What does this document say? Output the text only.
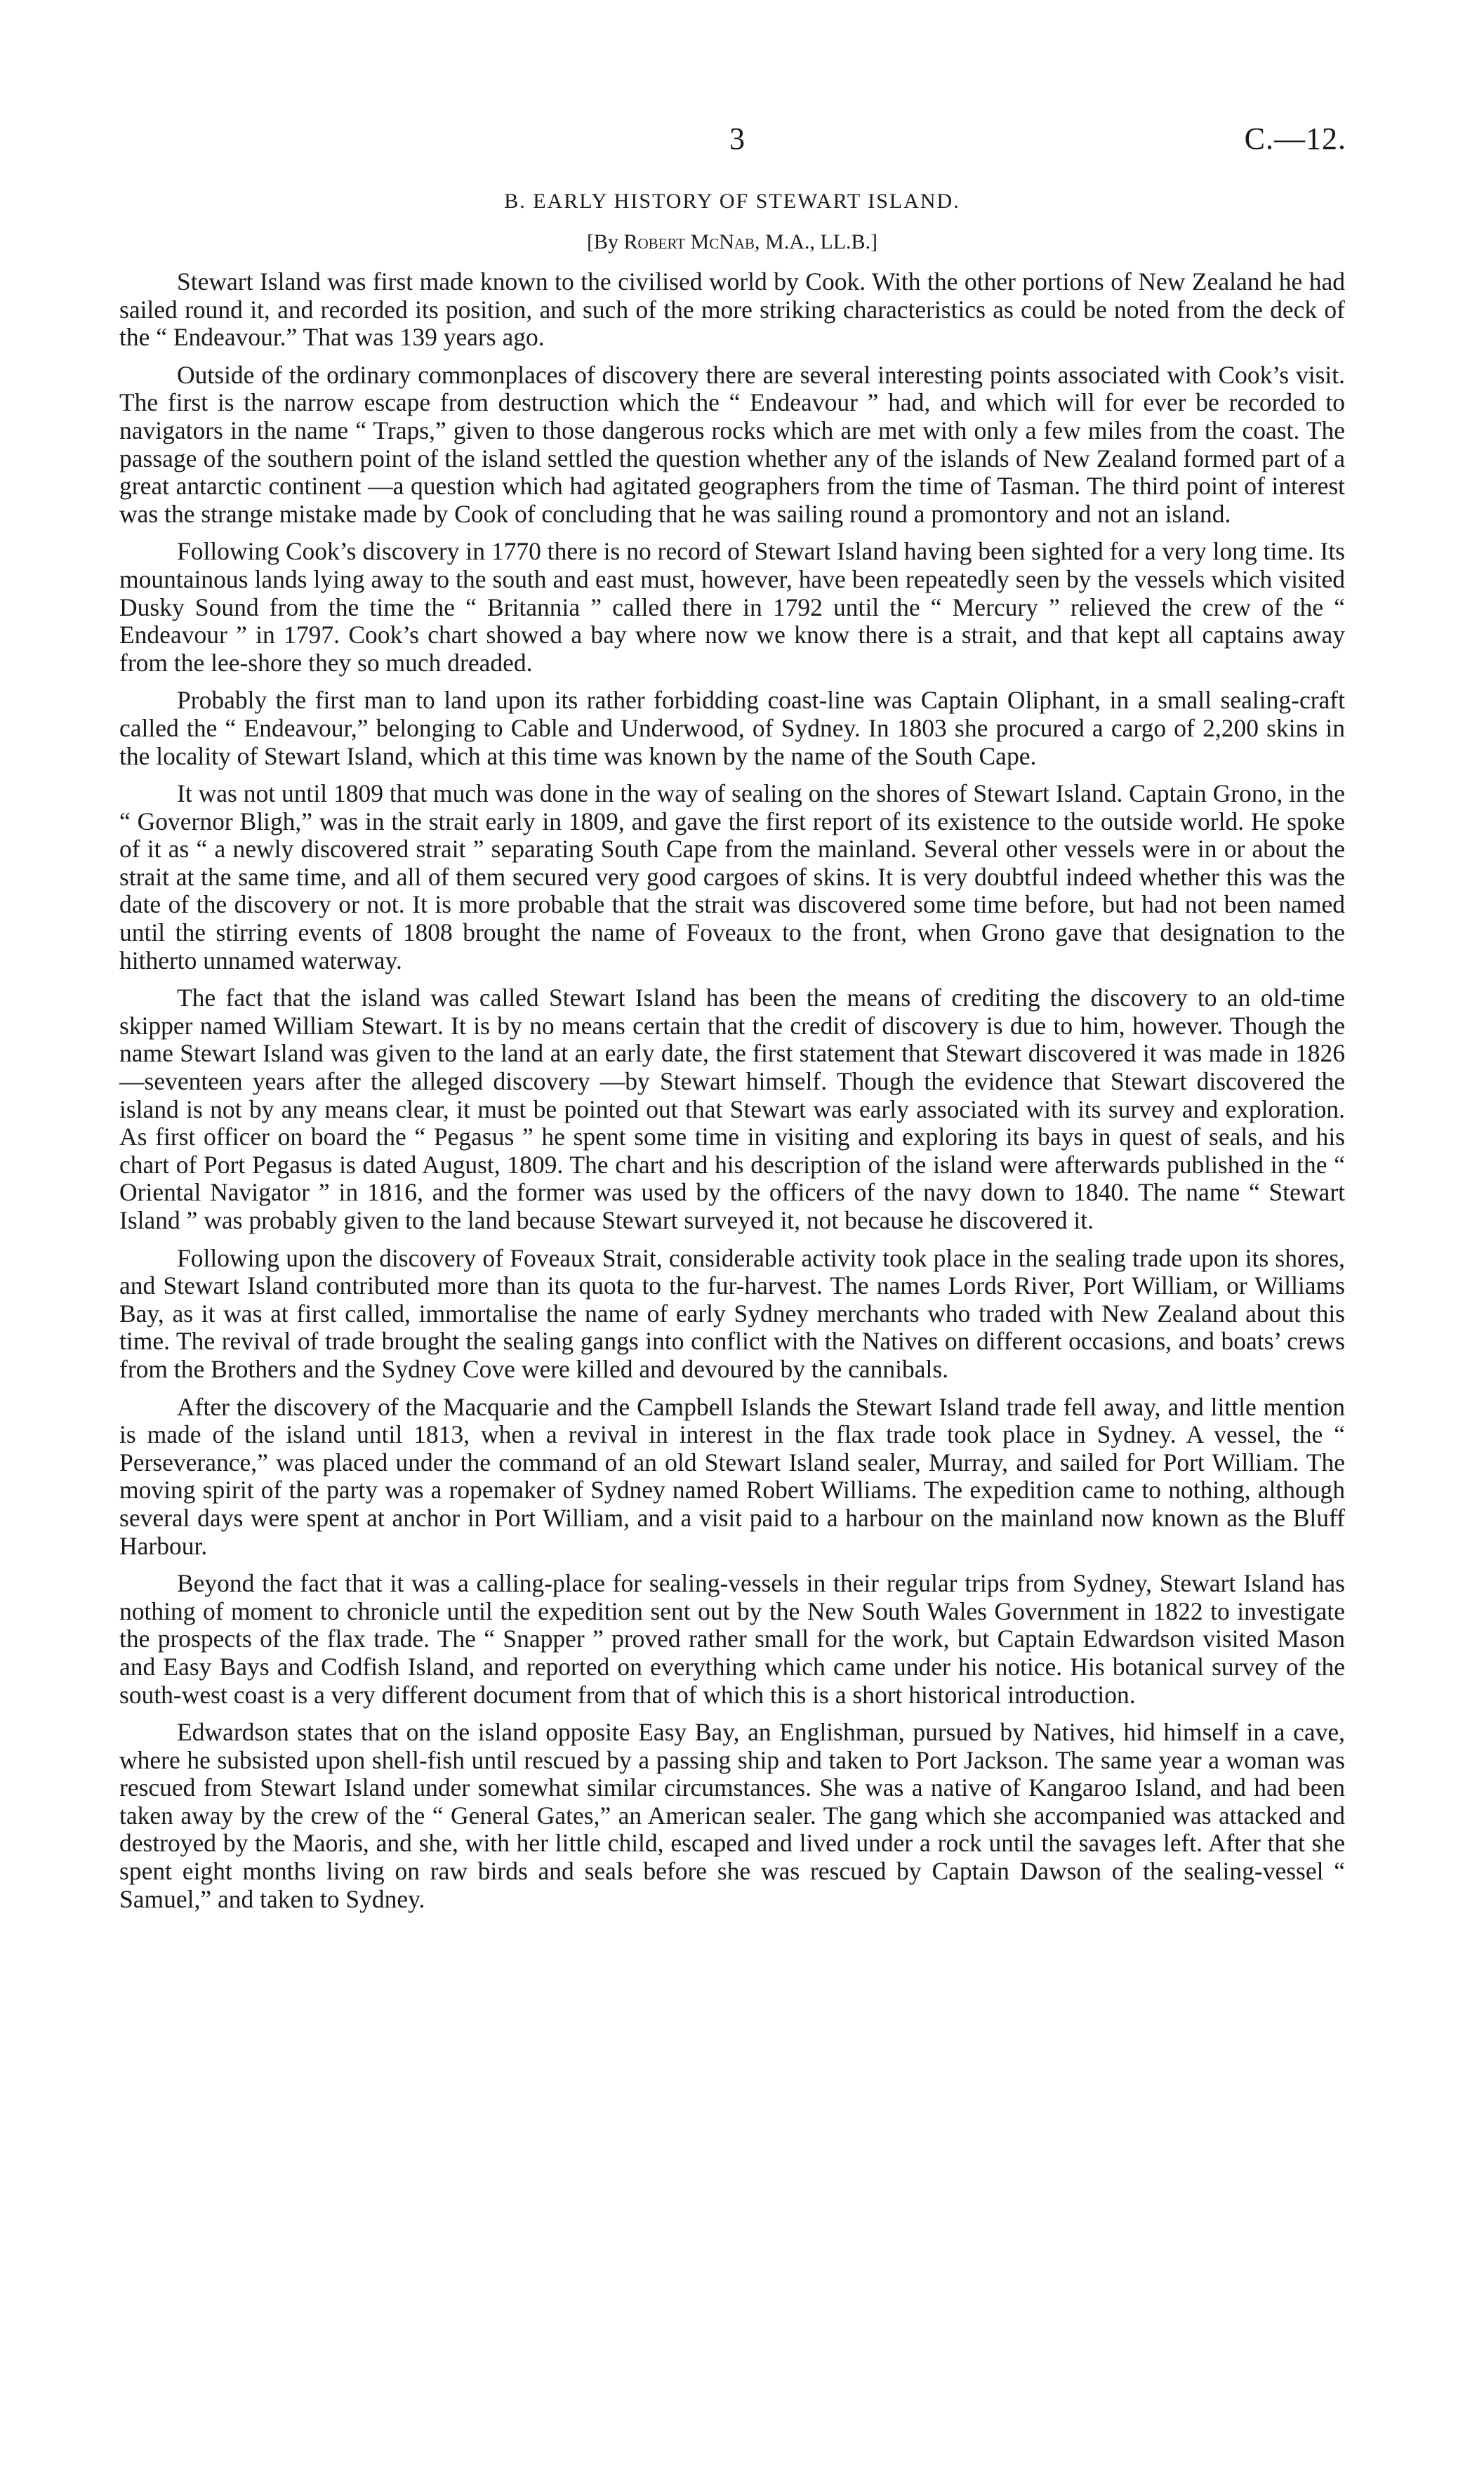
3	C.—12.
B. EARLY HISTORY OF STEWART ISLAND.
[By Robert McNab, M.A., LL.B.]

Stewart Island was first made known to the civilised world by Cook. With the other portions of New Zealand he had sailed round it, and recorded its position, and such of the more striking characteristics as could be noted from the deck of the “ Endeavour.” That was 139 years ago.

Outside of the ordinary commonplaces of discovery there are several interesting points associated with Cook’s visit. The first is the narrow escape from destruction which the “ Endeavour ” had, and which will for ever be recorded to navigators in the name “ Traps,” given to those dangerous rocks which are met with only a few miles from the coast. The passage of the southern point of the island settled the question whether any of the islands of New Zealand formed part of a great antarctic continent —a question which had agitated geographers from the time of Tasman. The third point of interest was the strange mistake made by Cook of concluding that he was sailing round a promontory and not an island.

Following Cook’s discovery in 1770 there is no record of Stewart Island having been sighted for a very long time. Its mountainous lands lying away to the south and east must, however, have been repeatedly seen by the vessels which visited Dusky Sound from the time the “ Britannia ” called there in 1792 until the “ Mercury ” relieved the crew of the “ Endeavour ” in 1797. Cook’s chart showed a bay where now we know there is a strait, and that kept all captains away from the lee-shore they so much dreaded.

Probably the first man to land upon its rather forbidding coast-line was Captain Oliphant, in a small sealing-craft called the “ Endeavour,” belonging to Cable and Underwood, of Sydney. In 1803 she procured a cargo of 2,200 skins in the locality of Stewart Island, which at this time was known by the name of the South Cape.

It was not until 1809 that much was done in the way of sealing on the shores of Stewart Island. Captain Grono, in the “ Governor Bligh,” was in the strait early in 1809, and gave the first report of its existence to the outside world. He spoke of it as “ a newly discovered strait ” separating South Cape from the mainland. Several other vessels were in or about the strait at the same time, and all of them secured very good cargoes of skins. It is very doubtful indeed whether this was the date of the discovery or not. It is more probable that the strait was discovered some time before, but had not been named until the stirring events of 1808 brought the name of Foveaux to the front, when Grono gave that designation to the hitherto unnamed waterway.

The fact that the island was called Stewart Island has been the means of crediting the discovery to an old-time skipper named William Stewart. It is by no means certain that the credit of discovery is due to him, however. Though the name Stewart Island was given to the land at an early date, the first statement that Stewart discovered it was made in 1826—seventeen years after the alleged discovery —by Stewart himself. Though the evidence that Stewart discovered the island is not by any means clear, it must be pointed out that Stewart was early associated with its survey and exploration. As first officer on board the “ Pegasus ” he spent some time in visiting and exploring its bays in quest of seals, and his chart of Port Pegasus is dated August, 1809. The chart and his description of the island were afterwards published in the “ Oriental Navigator ” in 1816, and the former was used by the officers of the navy down to 1840. The name “ Stewart Island ” was probably given to the land because Stewart surveyed it, not because he discovered it.

Following upon the discovery of Foveaux Strait, considerable activity took place in the sealing trade upon its shores, and Stewart Island contributed more than its quota to the fur-harvest. The names Lords River, Port William, or Williams Bay, as it was at first called, immortalise the name of early Sydney merchants who traded with New Zealand about this time. The revival of trade brought the sealing gangs into conflict with the Natives on different occasions, and boats’ crews from the Brothers and the Sydney Cove were killed and devoured by the cannibals.

After the discovery of the Macquarie and the Campbell Islands the Stewart Island trade fell away, and little mention is made of the island until 1813, when a revival in interest in the flax trade took place in Sydney. A vessel, the “ Perseverance,” was placed under the command of an old Stewart Island sealer, Murray, and sailed for Port William. The moving spirit of the party was a ropemaker of Sydney named Robert Williams. The expedition came to nothing, although several days were spent at anchor in Port William, and a visit paid to a harbour on the mainland now known as the Bluff Harbour.

Beyond the fact that it was a calling-place for sealing-vessels in their regular trips from Sydney, Stewart Island has nothing of moment to chronicle until the expedition sent out by the New South Wales Government in 1822 to investigate the prospects of the flax trade. The “ Snapper ” proved rather small for the work, but Captain Edwardson visited Mason and Easy Bays and Codfish Island, and reported on everything which came under his notice. His botanical survey of the south-west coast is a very different document from that of which this is a short historical introduction.

Edwardson states that on the island opposite Easy Bay, an Englishman, pursued by Natives, hid himself in a cave, where he subsisted upon shell-fish until rescued by a passing ship and taken to Port Jackson. The same year a woman was rescued from Stewart Island under somewhat similar circumstances. She was a native of Kangaroo Island, and had been taken away by the crew of the “ General Gates,” an American sealer. The gang which she accompanied was attacked and destroyed by the Maoris, and she, with her little child, escaped and lived under a rock until the savages left. After that she spent eight months living on raw birds and seals before she was rescued by Captain Dawson of the sealing-vessel “ Samuel,” and taken to Sydney.
